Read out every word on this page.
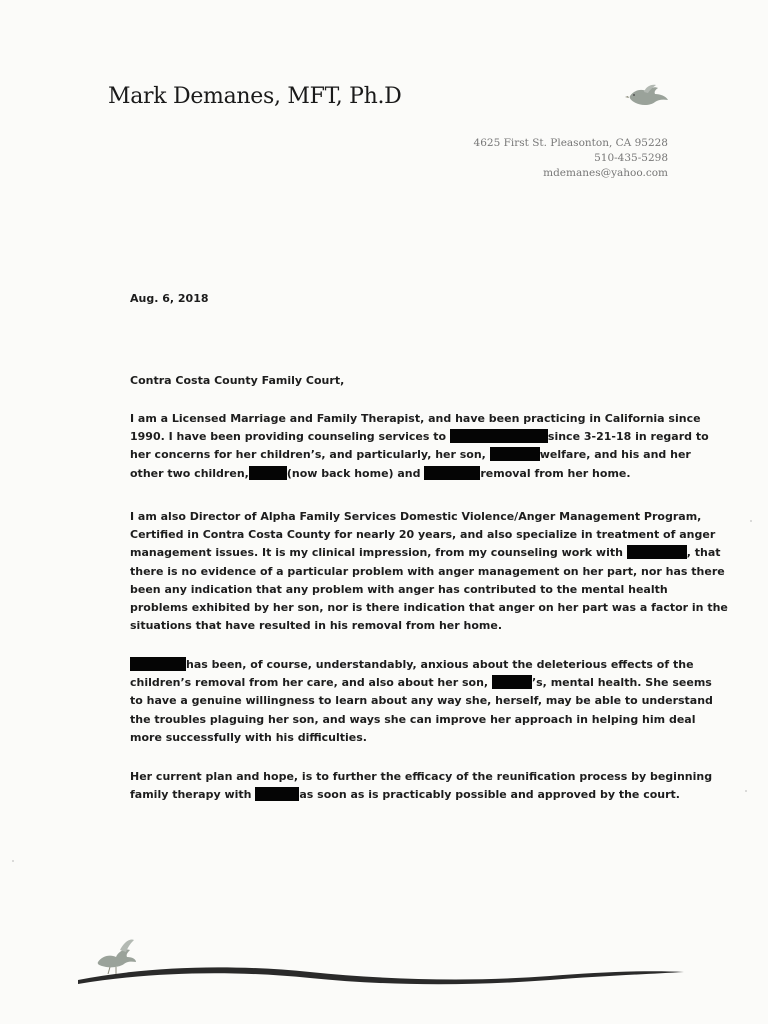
Mark Demanes, MFT, Ph.D
4625 First St. Pleasonton, CA 95228
510-435-5298
mdemanes@yahoo.com
Aug. 6, 2018
Contra Costa County Family Court,
I am a Licensed Marriage and Family Therapist, and have been practicing in California since
1990. I have been providing counseling services to	since 3-21-18 in regard to
her concerns for her children’s, and particularly, her son,	welfare, and his and her
other two children,	(now back home) and	removal from her home.
I am also Director of Alpha Family Services Domestic Violence/Anger Management Program,
Certified in Contra Costa County for nearly 20 years, and also specialize in treatment of anger
management issues. It is my clinical impression, from my counseling work with	, that
there is no evidence of a particular problem with anger management on her part, nor has there
been any indication that any problem with anger has contributed to the mental health
problems exhibited by her son, nor is there indication that anger on her part was a factor in the
situations that have resulted in his removal from her home.
has been, of course, understandably, anxious about the deleterious effects of the
children’s removal from her care, and also about her son,	’s, mental health. She seems
to have a genuine willingness to learn about any way she, herself, may be able to understand
the troubles plaguing her son, and ways she can improve her approach in helping him deal
more successfully with his difficulties.
Her current plan and hope, is to further the efficacy of the reunification process by beginning
family therapy with	as soon as is practicably possible and approved by the court.
